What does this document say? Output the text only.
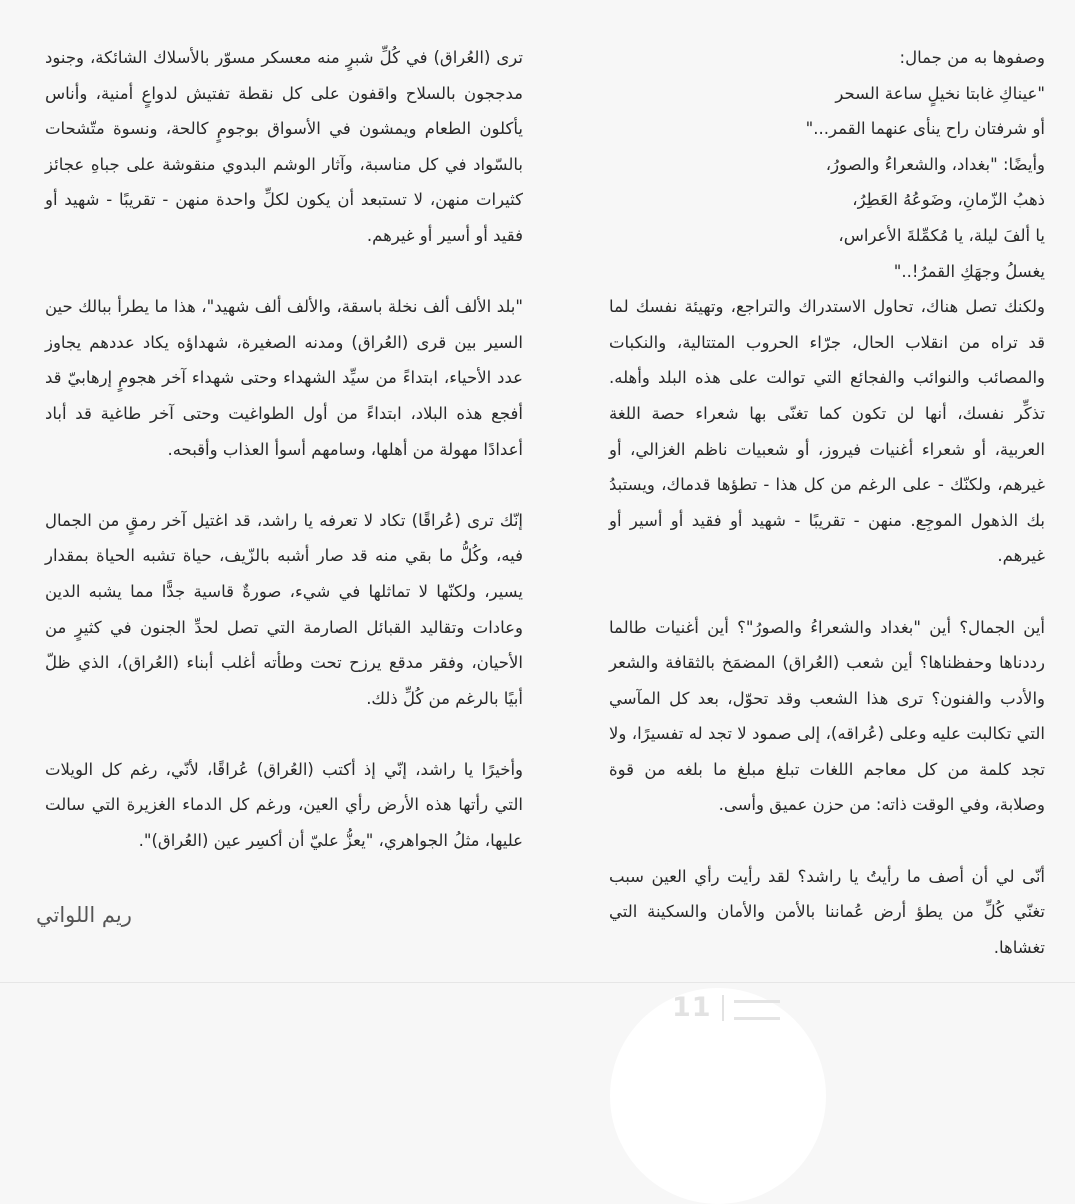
وصفوها به من جمال:
"عيناكِ غابتا نخيلٍ ساعة السحر
أو شرفتان راح ينأى عنهما القمر..."
وأيضًا: "بغداد، والشعراءُ والصورُ،
ذهبُ الزّمانِ، وضَوعُهُ العَطِرُ،
يا ألفَ ليلة، يا مُكمِّلةَ الأعراس،
يغسلُ وجهَكِ القمرُ!.."
ولكنك تصل هناك، تحاول الاستدراك والتراجع، وتهيئة نفسك لما قد تراه من انقلاب الحال، جرّاء الحروب المتتالية، والنكبات والمصائب والنوائب والفجائع التي توالت على هذه البلد وأهله. تذكِّر نفسك، أنها لن تكون كما تغنّى بها شعراء حصة اللغة العربية، أو شعراء أغنيات فيروز، أو شعبيات ناظم الغزالي، أو غيرهم، ولكنّك - على الرغم من كل هذا - تطؤها قدماك، ويستبدُ بك الذهول الموجِع. منهن - تقريبًا - شهيد أو فقيد أو أسير أو غيرهم.

أين الجمال؟ أين "بغداد والشعراءُ والصورُ"؟ أين أغنيات طالما رددناها وحفظناها؟ أين شعب (العُراق) المضمَخ بالثقافة والشعر والأدب والفنون؟ ترى هذا الشعب وقد تحوّل، بعد كل المآسي التي تكالبت عليه وعلى (عُراقه)، إلى صمود لا تجد له تفسيرًا، ولا تجد كلمة من كل معاجم اللغات تبلغ مبلغ ما بلغه من قوة وصلابة، وفي الوقت ذاته: من حزن عميق وأسى.

أنّى لي أن أصف ما رأيتُ يا راشد؟ لقد رأيت رأي العين سبب تغنّي كُلِّ من يطؤ أرض عُماننا بالأمن والأمان والسكينة التي تغشاها.

ترى (العُراق) في كُلِّ شبرٍ منه معسكر مسوّر بالأسلاك الشائكة، وجنود مدججون بالسلاح واقفون على كل نقطة تفتيش لدواعٍ أمنية، وأناس يأكلون الطعام ويمشون في الأسواق بوجومٍ كالحة، ونسوة متّشحات بالسّواد في كل مناسبة، وآثار الوشم البدوي منقوشة على جباهِ عجائز كثيرات منهن، لا تستبعد أن يكون لكلِّ واحدة منهن - تقريبًا - شهيد أو فقيد أو أسير أو غيرهم.

"بلد الألف ألف نخلة باسقة، والألف ألف شهيد"، هذا ما يطرأ ببالك حين السير بين قرى (العُراق) ومدنه الصغيرة، شهداؤه يكاد عددهم يجاوز عدد الأحياء، ابتداءً من سيِّد الشهداء وحتى شهداء آخر هجومٍ إرهابيّ قد أفجع هذه البلاد، ابتداءً من أول الطواغيت وحتى آخر طاغية قد أباد أعدادًا مهولة من أهلها، وسامهم أسوأ العذاب وأقبحه.

إنّك ترى (عُراقًا) تكاد لا تعرفه يا راشد، قد اغتيل آخر رمقٍ من الجمال فيه، وكُلُّ ما بقي منه قد صار أشبه بالزّيف، حياة تشبه الحياة بمقدار يسير، ولكنّها لا تماثلها في شيء، صورةٌ قاسية جدًّا مما يشبه الدين وعادات وتقاليد القبائل الصارمة التي تصل لحدِّ الجنون في كثيرٍ من الأحيان، وفقر مدقع يرزح تحت وطأته أغلب أبناء (العُراق)، الذي ظلّ أبيًا بالرغم من كُلِّ ذلك.

وأخيرًا يا راشد، إنّي إذ أكتب (العُراق) عُراقًا، لأنّي، رغم كل الويلات التي رأتها هذه الأرض رأي العين، ورغم كل الدماء الغزيرة التي سالت عليها، مثلُ الجواهري، "يعزُّ عليّ أن أكسِر عين (العُراق)".

ريم اللواتي
11
